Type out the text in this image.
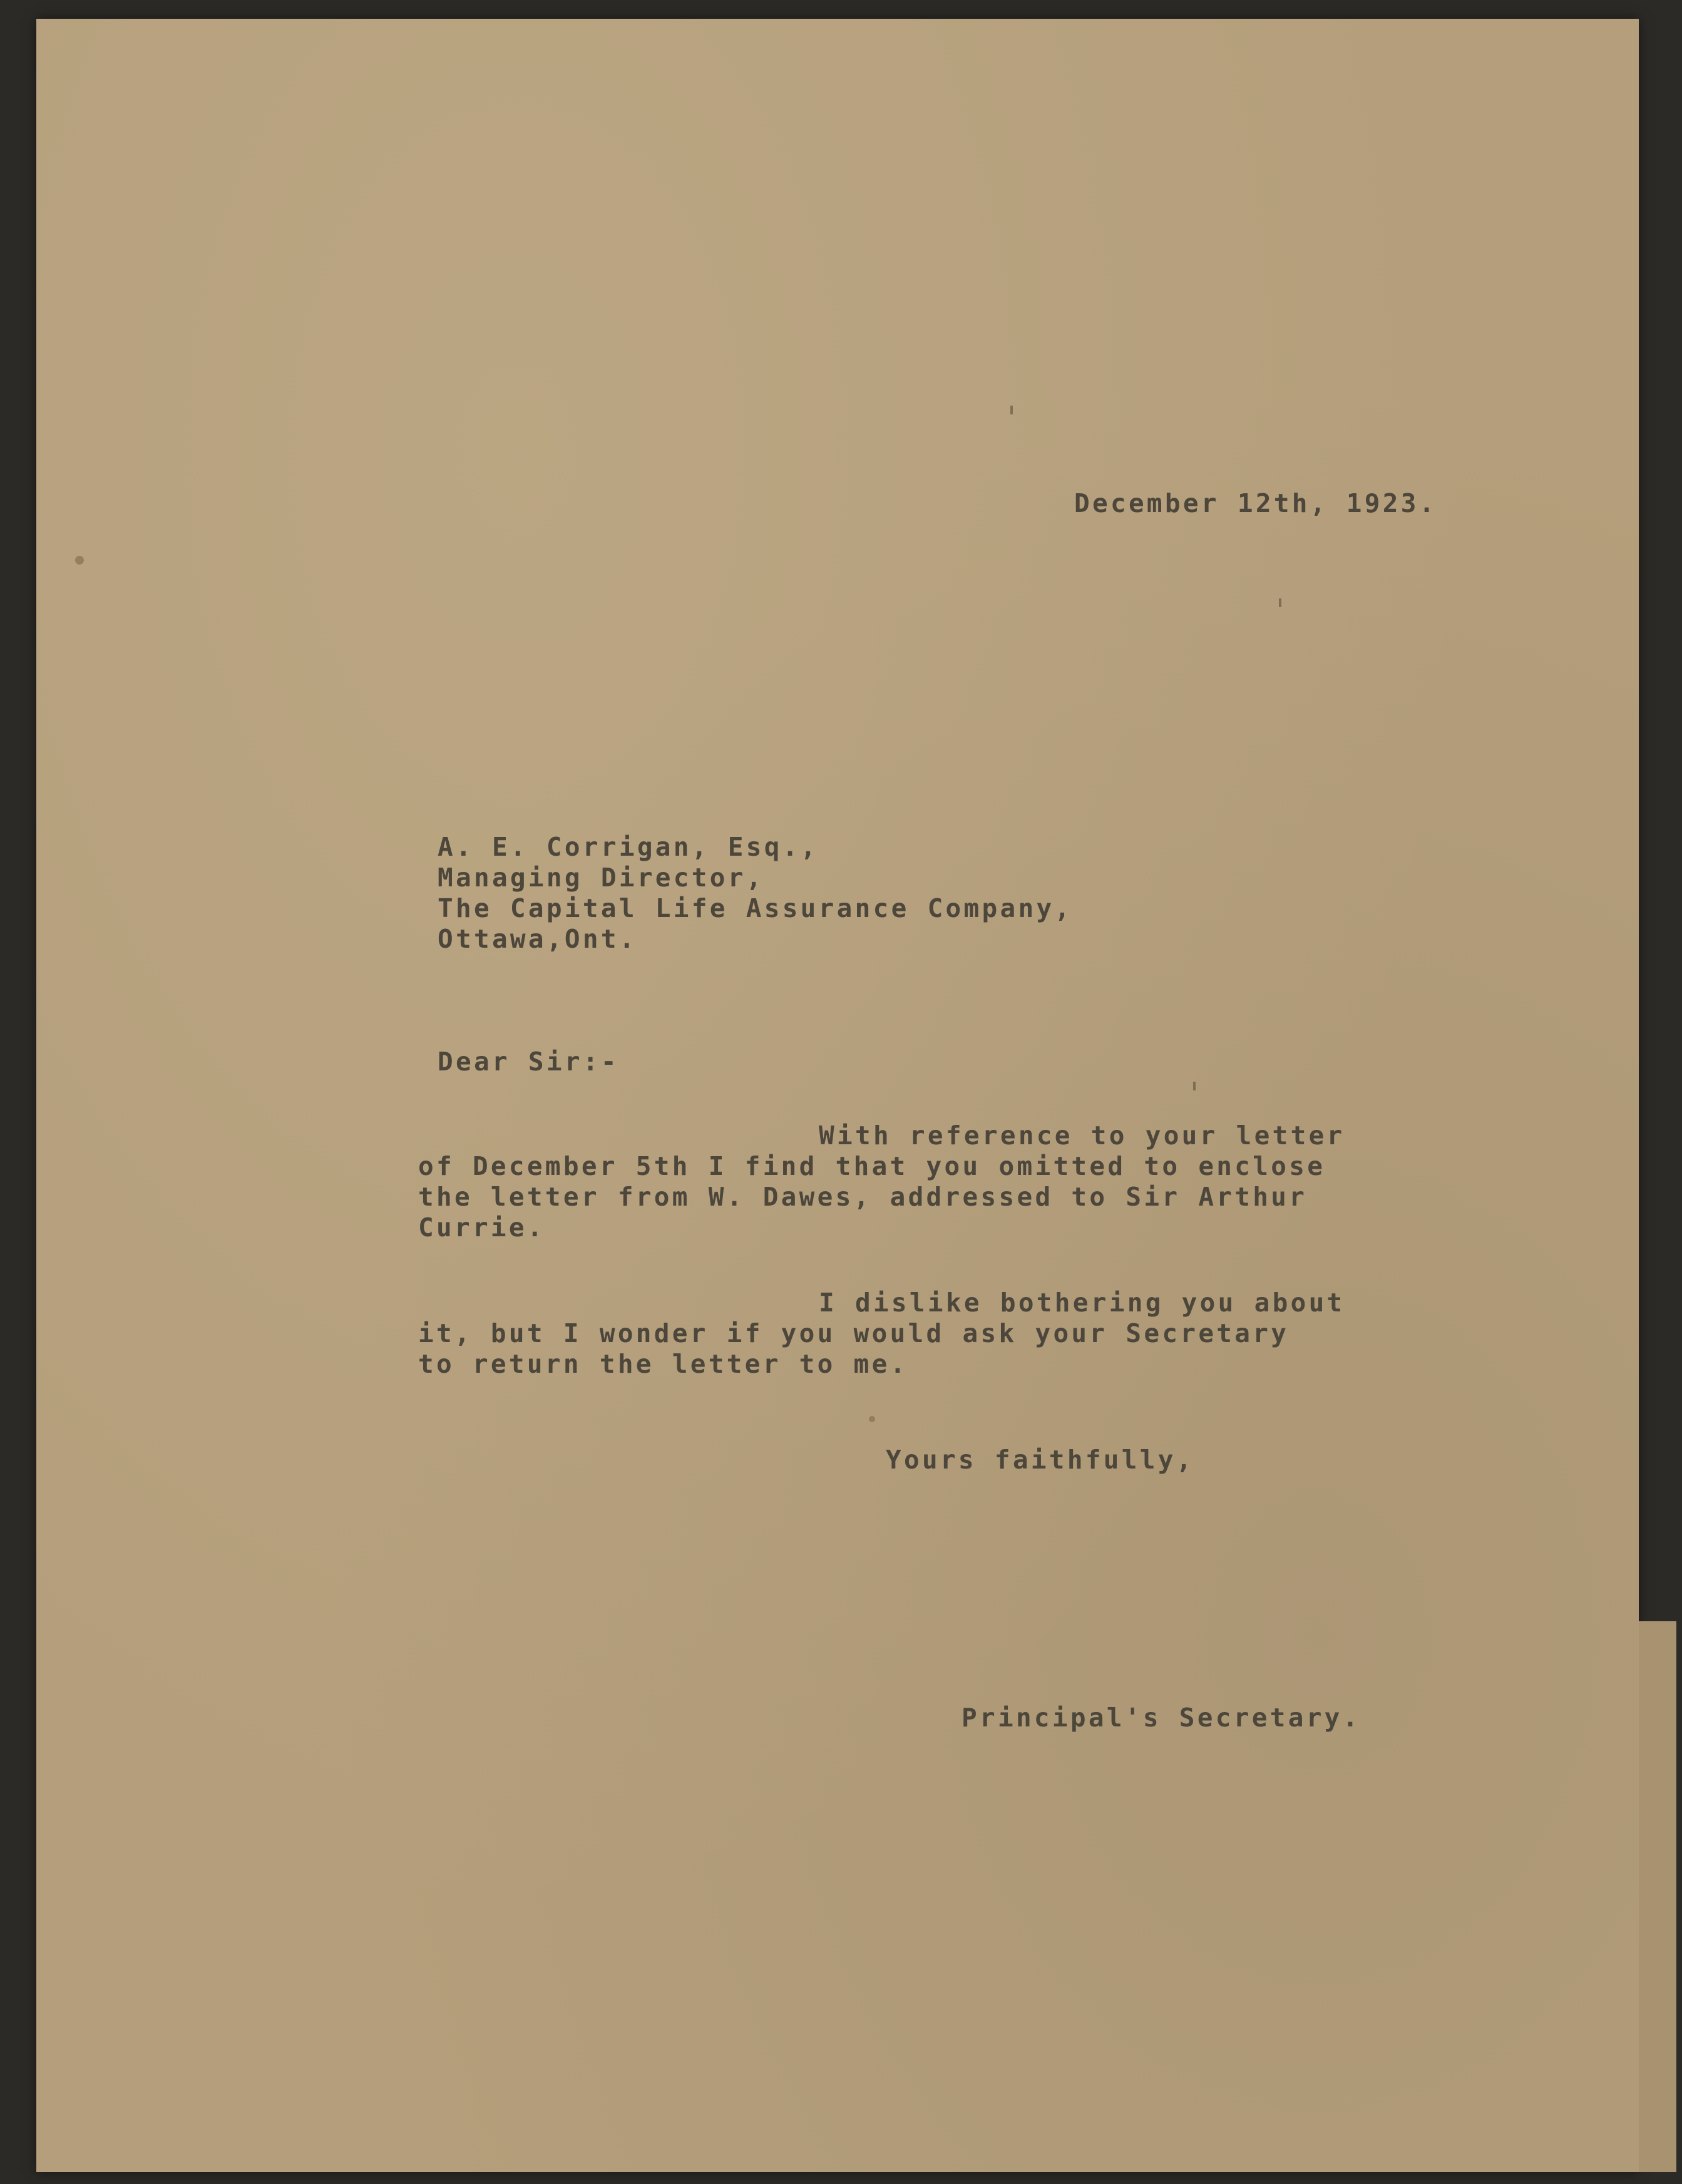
December 12th, 1923.
A. E. Corrigan, Esq.,
Managing Director,
The Capital Life Assurance Company,
Ottawa,Ont.
Dear Sir:-
With reference to your letter
of December 5th I find that you omitted to enclose
the letter from W. Dawes, addressed to Sir Arthur
Currie.
I dislike bothering you about
it, but I wonder if you would ask your Secretary
to return the letter to me.
Yours faithfully,
Principal's Secretary.
